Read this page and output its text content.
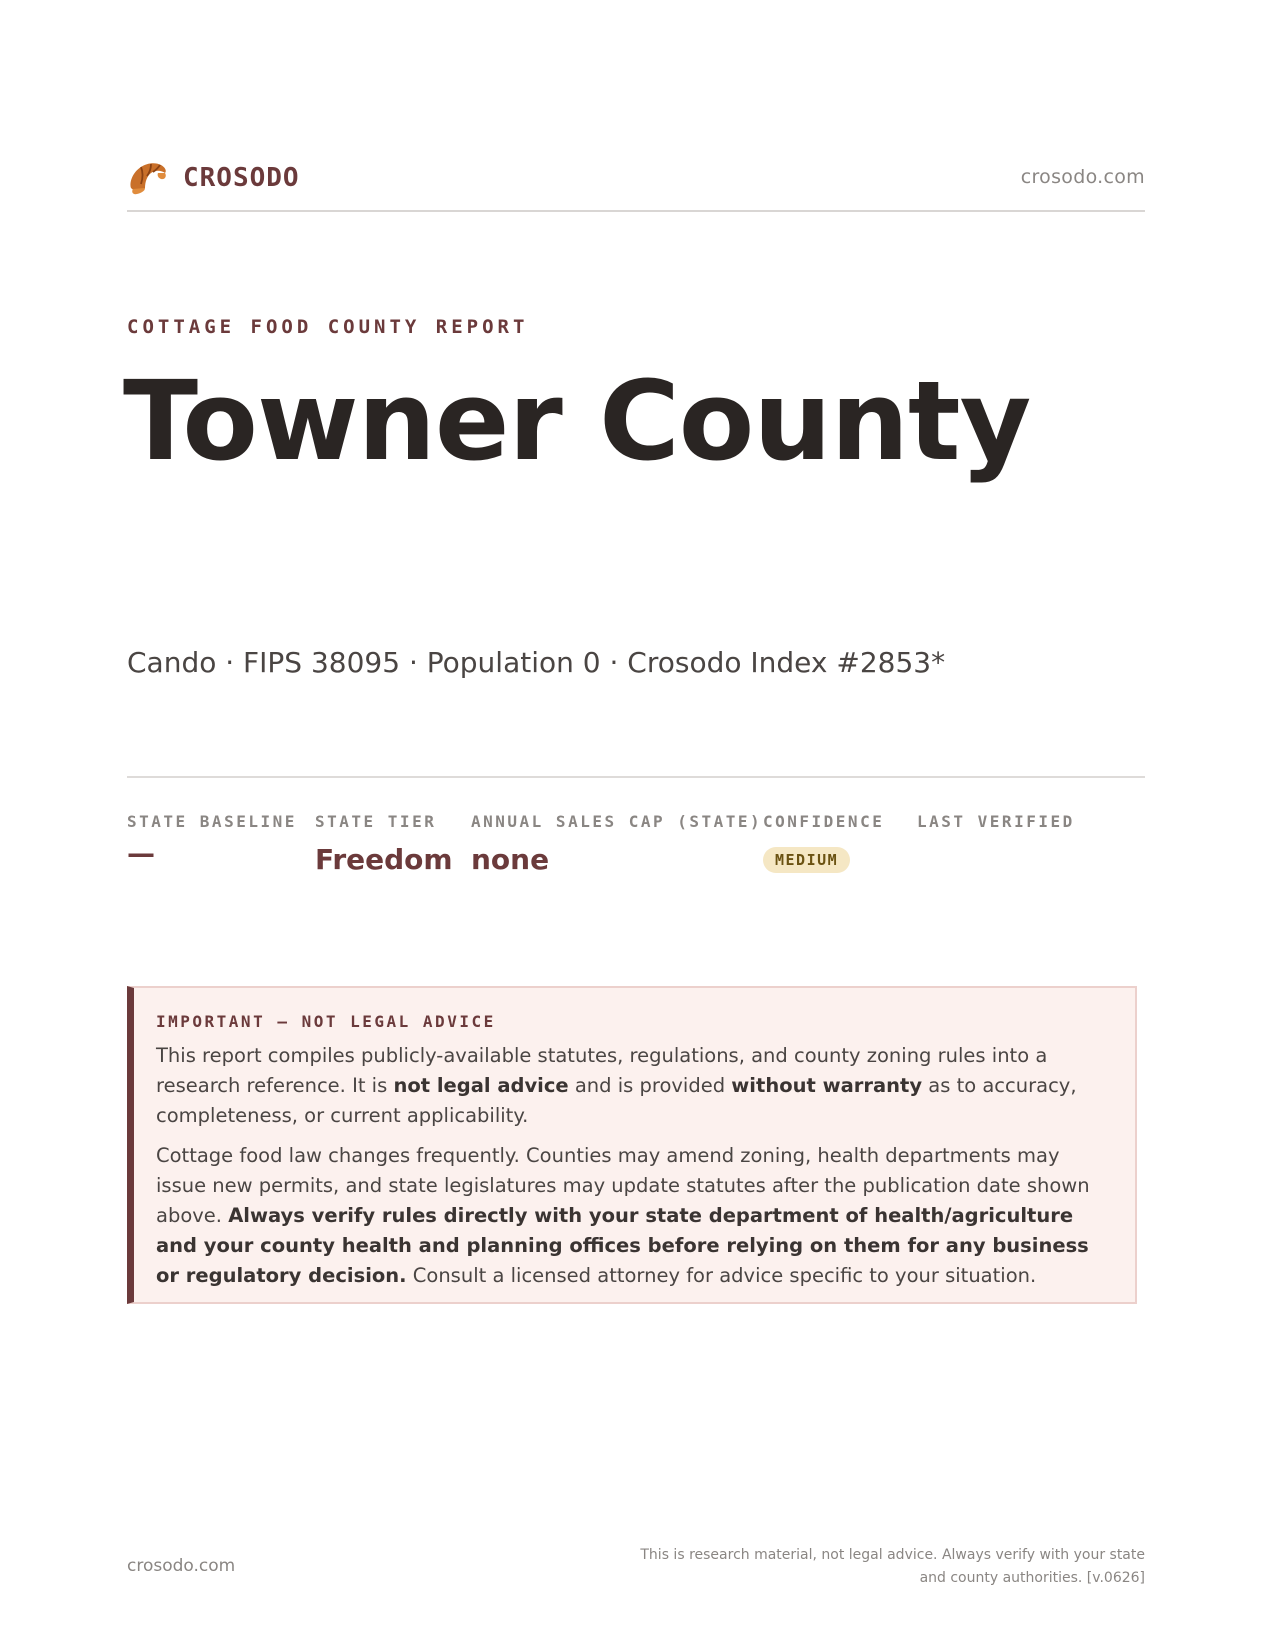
CROSODO	crosodo.com
COTTAGE FOOD COUNTY REPORT
Towner County
Cando · FIPS 38095 · Population 0 · Crosodo Index #2853*
STATE BASELINE
—
STATE TIER
Freedom
ANNUAL SALES CAP (STATE)
none
CONFIDENCE
MEDIUM
LAST VERIFIED
IMPORTANT — NOT LEGAL ADVICE

This report compiles publicly-available statutes, regulations, and county zoning rules into a research reference. It is not legal advice and is provided without warranty as to accuracy, completeness, or current applicability.

Cottage food law changes frequently. Counties may amend zoning, health departments may issue new permits, and state legislatures may update statutes after the publication date shown above. Always verify rules directly with your state department of health/agriculture and your county health and planning offices before relying on them for any business or regulatory decision. Consult a licensed attorney for advice specific to your situation.

crosodo.com
This is research material, not legal advice. Always verify with your state
and county authorities. [v.0626]
